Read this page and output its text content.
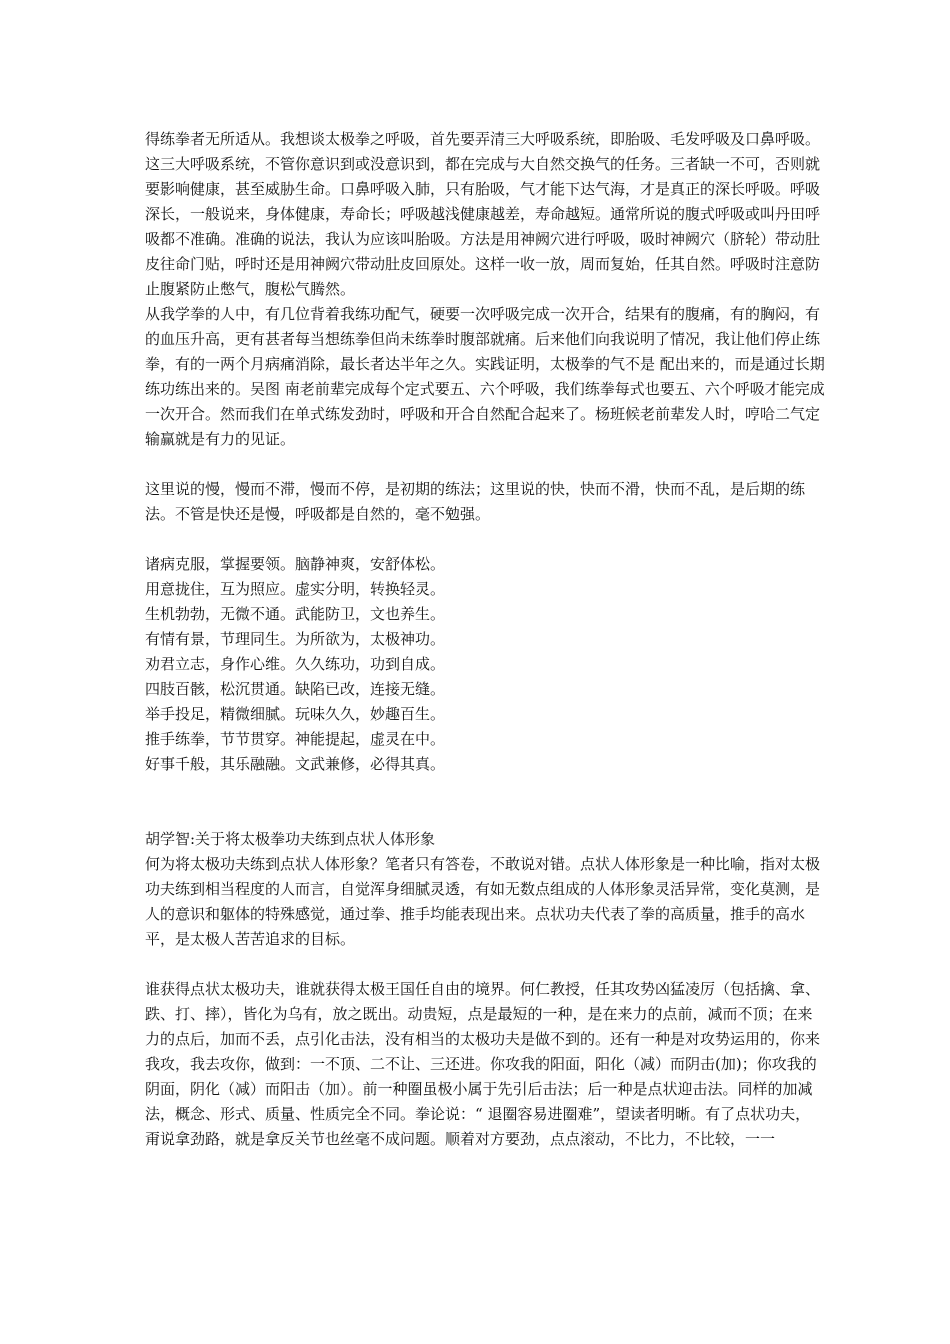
得练拳者无所适从。我想谈太极拳之呼吸，首先要弄清三大呼吸系统，即胎吸、毛发呼吸及口鼻呼吸。这三大呼吸系统，不管你意识到或没意识到，都在完成与大自然交换气的任务。三者缺一不可，否则就要影响健康，甚至威胁生命。口鼻呼吸入肺，只有胎吸，气才能下达气海，才是真正的深长呼吸。呼吸深长，一般说来，身体健康，寿命长；呼吸越浅健康越差，寿命越短。通常所说的腹式呼吸或叫丹田呼吸都不准确。准确的说法，我认为应该叫胎吸。方法是用神阙穴进行呼吸，吸时神阙穴（脐轮）带动肚皮往命门贴，呼时还是用神阙穴带动肚皮回原处。这样一收一放，周而复始，任其自然。呼吸时注意防止腹紧防止憋气，腹松气腾然。

从我学拳的人中，有几位背着我练功配气，硬要一次呼吸完成一次开合，结果有的腹痛，有的胸闷，有的血压升高，更有甚者每当想练拳但尚未练拳时腹部就痛。后来他们向我说明了情况，我让他们停止练拳，有的一两个月病痛消除，最长者达半年之久。实践证明，太极拳的气不是 配出来的，而是通过长期练功练出来的。吴图 南老前辈完成每个定式要五、六个呼吸，我们练拳每式也要五、六个呼吸才能完成一次开合。然而我们在单式练发劲时，呼吸和开合自然配合起来了。杨班候老前辈发人时，哼哈二气定输赢就是有力的见证。

这里说的慢，慢而不滞，慢而不停，是初期的练法；这里说的快，快而不滑，快而不乱，是后期的练法。不管是快还是慢，呼吸都是自然的，毫不勉强。

诸病克服，掌握要领。脑静神爽，安舒体松。
用意拢住，互为照应。虚实分明，转换轻灵。
生机勃勃，无微不通。武能防卫，文也养生。
有情有景，节理同生。为所欲为，太极神功。
劝君立志，身作心维。久久练功，功到自成。
四肢百骸，松沉贯通。缺陷已改，连接无缝。
举手投足，精微细腻。玩味久久，妙趣百生。
推手练拳，节节贯穿。神能提起，虚灵在中。
好事千般，其乐融融。文武兼修，必得其真。
胡学智:关于将太极拳功夫练到点状人体形象

何为将太极功夫练到点状人体形象？笔者只有答卷，不敢说对错。点状人体形象是一种比喻，指对太极功夫练到相当程度的人而言，自觉浑身细腻灵透，有如无数点组成的人体形象灵活异常，变化莫测，是人的意识和躯体的特殊感觉，通过拳、推手均能表现出来。点状功夫代表了拳的高质量，推手的高水平，是太极人苦苦追求的目标。

谁获得点状太极功夫，谁就获得太极王国任自由的境界。何仁教授，任其攻势凶猛凌厉（包括擒、拿、跌、打、摔），皆化为乌有，放之既出。动贵短，点是最短的一种，是在来力的点前，减而不顶；在来力的点后，加而不丢，点引化击法，没有相当的太极功夫是做不到的。还有一种是对攻势运用的，你来我攻，我去攻你，做到：一不顶、二不让、三还进。你攻我的阳面，阳化（减）而阴击(加)；你攻我的阴面，阴化（减）而阳击（加）。前一种圈虽极小属于先引后击法；后一种是点状迎击法。同样的加减法，概念、形式、质量、性质完全不同。拳论说：“ 退圈容易进圈难”，望读者明晰。有了点状功夫，甭说拿劲路，就是拿反关节也丝毫不成问题。顺着对方要劲，点点滚动，不比力，不比较，一一
